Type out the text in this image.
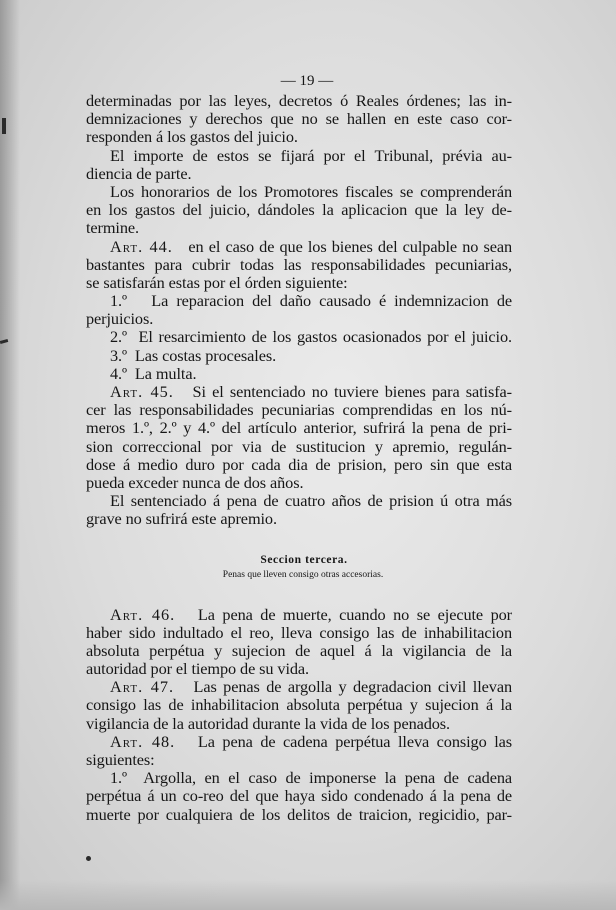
— 19 —
determinadas por las leyes, decretos ó Reales órdenes; las in-
demnizaciones y derechos que no se hallen en este caso cor-
responden á los gastos del juicio.
El importe de estos se fijará por el Tribunal, prévia au-
diencia de parte.
Los honorarios de los Promotores fiscales se comprenderán
en los gastos del juicio, dándoles la aplicacion que la ley de-
termine.
Art. 44. en el caso de que los bienes del culpable no sean
bastantes para cubrir todas las responsabilidades pecuniarias,
se satisfarán estas por el órden siguiente:
1.º La reparacion del daño causado é indemnizacion de
perjuicios.
2.º El resarcimiento de los gastos ocasionados por el juicio.
3.º Las costas procesales.
4.º La multa.
Art. 45. Si el sentenciado no tuviere bienes para satisfa-
cer las responsabilidades pecuniarias comprendidas en los nú-
meros 1.º, 2.º y 4.º del artículo anterior, sufrirá la pena de pri-
sion correccional por via de sustitucion y apremio, regulán-
dose á medio duro por cada dia de prision, pero sin que esta
pueda exceder nunca de dos años.
El sentenciado á pena de cuatro años de prision ú otra más
grave no sufrirá este apremio.
Seccion tercera.
Penas que lleven consigo otras accesorias.
Art. 46. La pena de muerte, cuando no se ejecute por
haber sido indultado el reo, lleva consigo las de inhabilitacion
absoluta perpétua y sujecion de aquel á la vigilancia de la
autoridad por el tiempo de su vida.
Art. 47. Las penas de argolla y degradacion civil llevan
consigo las de inhabilitacion absoluta perpétua y sujecion á la
vigilancia de la autoridad durante la vida de los penados.
Art. 48. La pena de cadena perpétua lleva consigo las
siguientes:
1.º Argolla, en el caso de imponerse la pena de cadena
perpétua á un co-reo del que haya sido condenado á la pena de
muerte por cualquiera de los delitos de traicion, regicidio, par-
